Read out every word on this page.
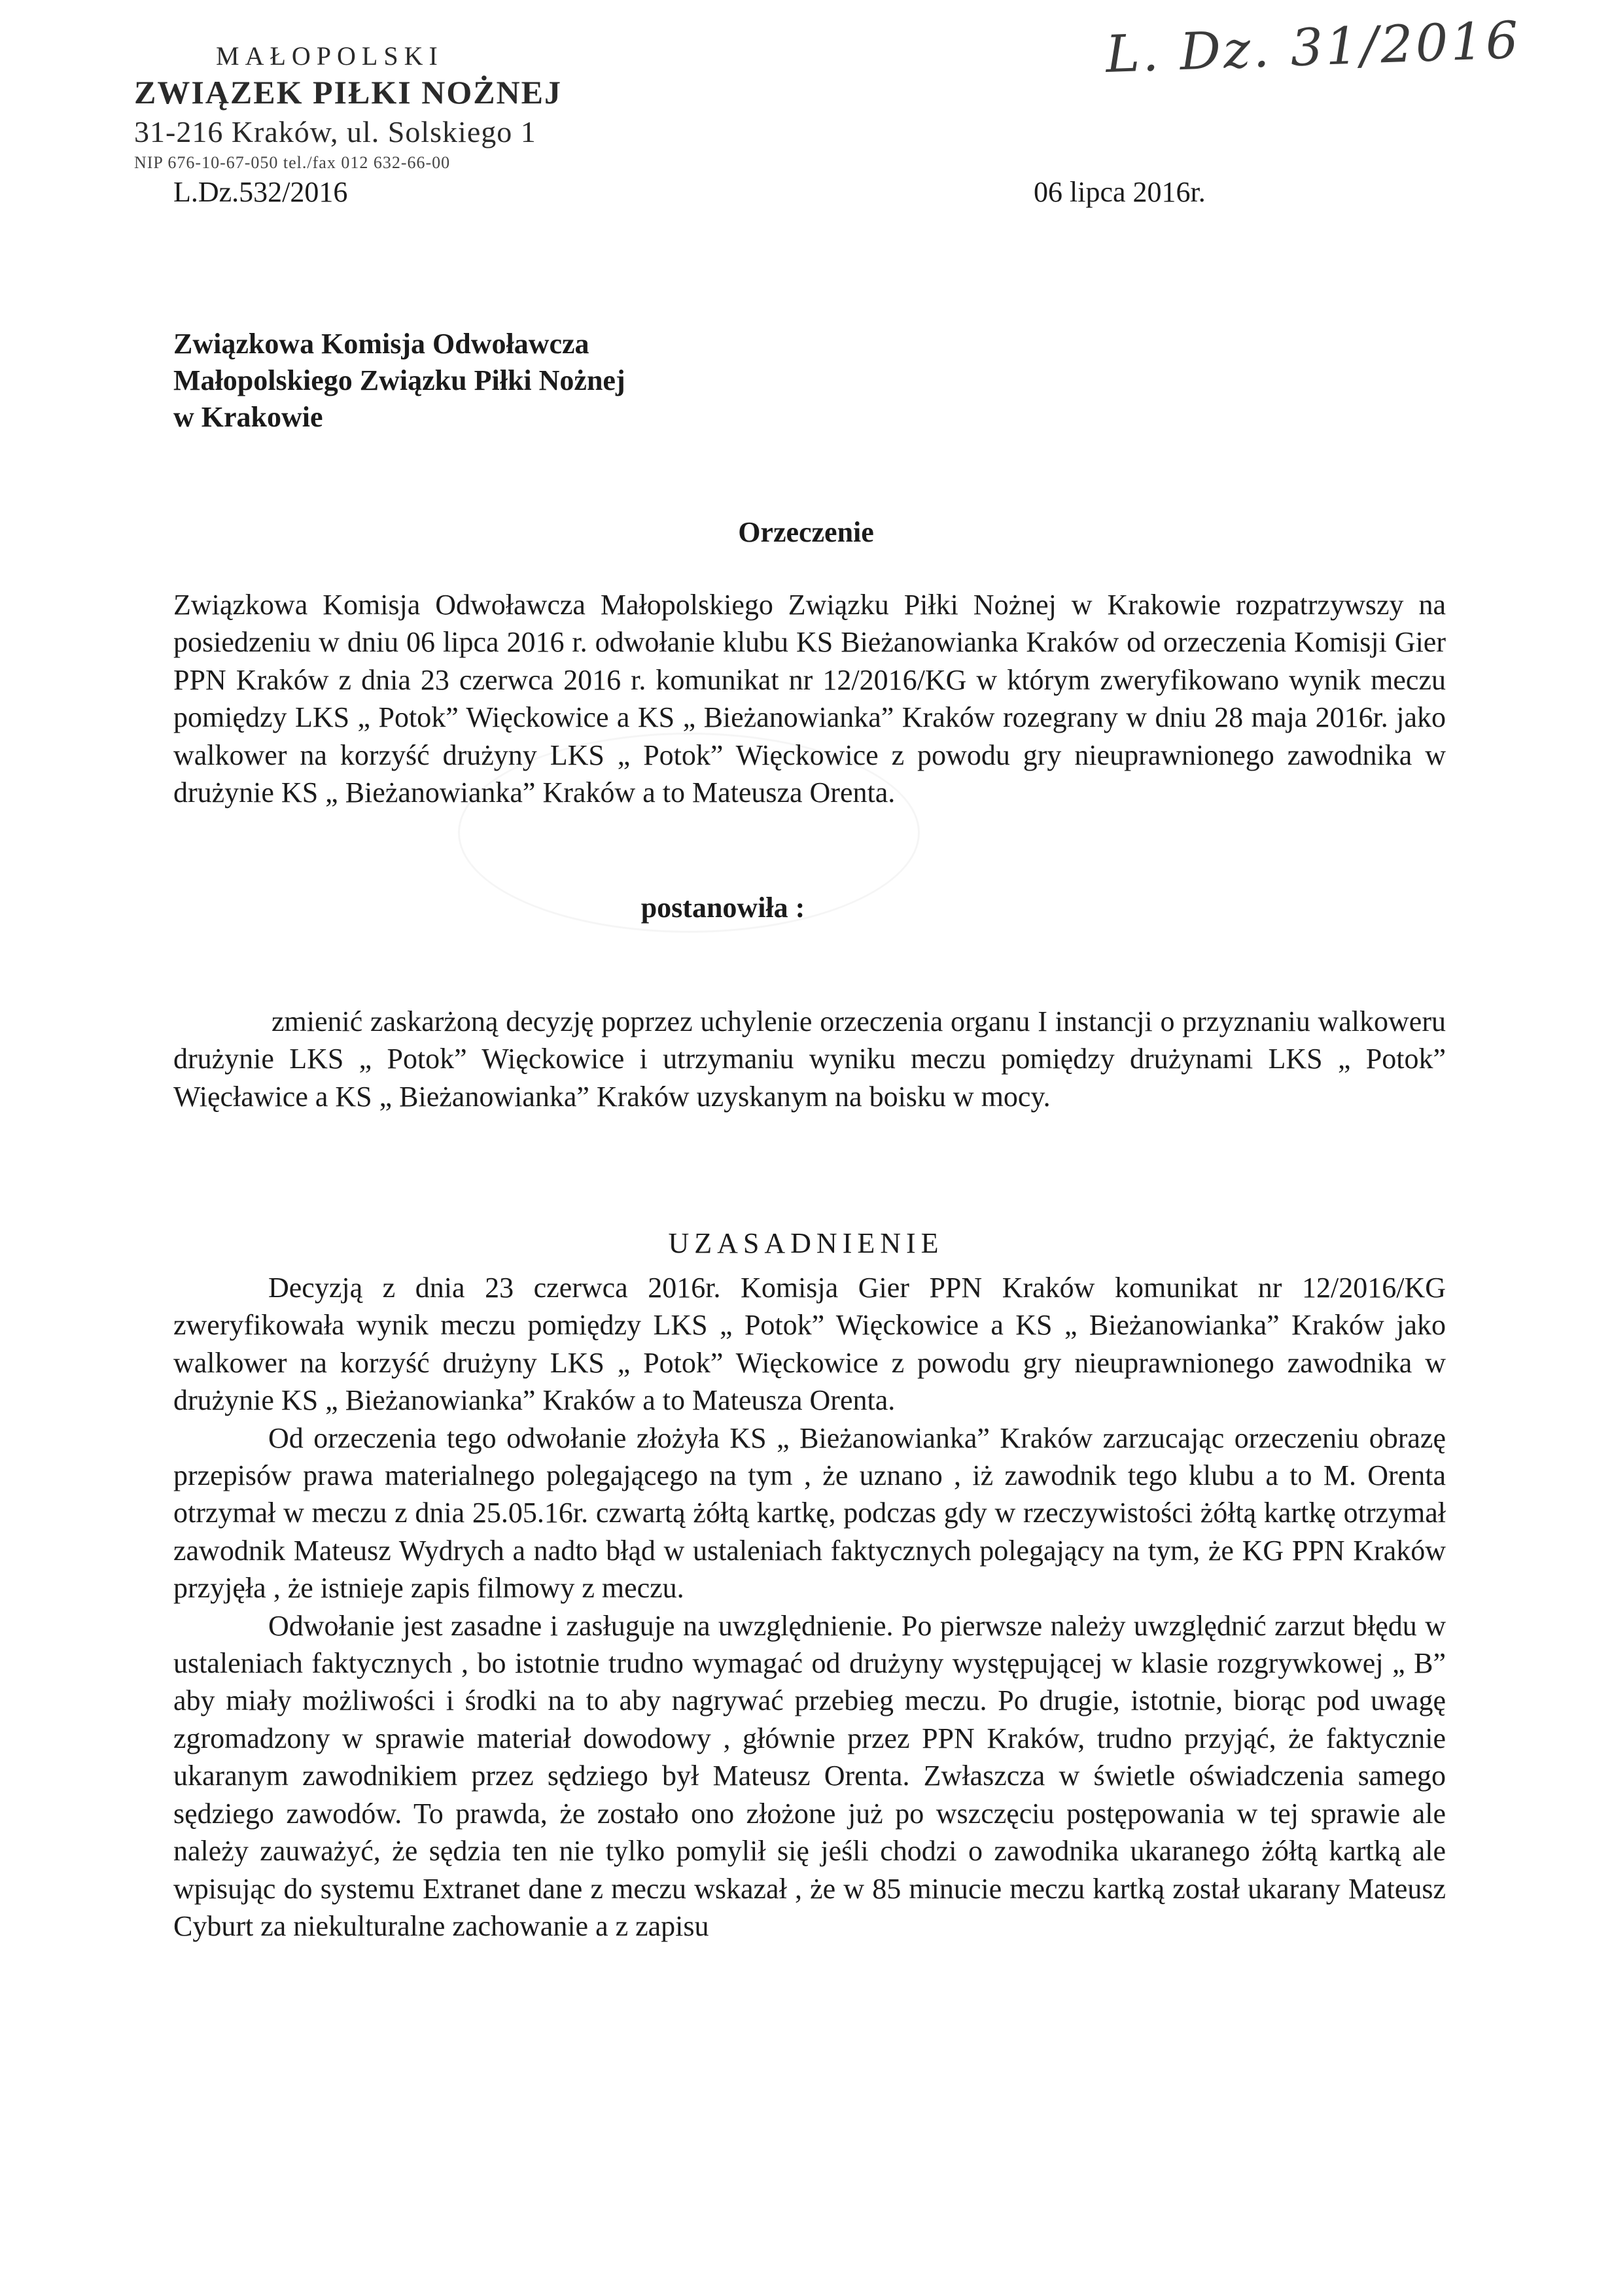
MAŁOPOLSKI
ZWIĄZEK PIŁKI NOŻNEJ
31-216 Kraków, ul. Solskiego 1
NIP 676-10-67-050 tel./fax 012 632-66-00
L. Dz. 31/2016
L.Dz.532/2016	06 lipca 2016r.
Związkowa Komisja Odwoławcza
Małopolskiego Związku Piłki Nożnej
w Krakowie
Orzeczenie

Związkowa Komisja Odwoławcza Małopolskiego Związku Piłki Nożnej w Krakowie rozpatrzywszy na posiedzeniu w dniu 06 lipca 2016 r. odwołanie klubu KS Bieżanowianka Kraków od orzeczenia Komisji Gier PPN Kraków z dnia 23 czerwca 2016 r. komunikat nr 12/2016/KG w którym zweryfikowano wynik meczu pomiędzy LKS „ Potok” Więckowice a KS „ Bieżanowianka” Kraków rozegrany w dniu 28 maja 2016r. jako walkower na korzyść drużyny LKS „ Potok” Więckowice z powodu gry nieuprawnionego zawodnika w drużynie KS „ Bieżanowianka” Kraków a to Mateusza Orenta.

postanowiła :

zmienić zaskarżoną decyzję poprzez uchylenie orzeczenia organu I instancji o przyznaniu walkoweru drużynie LKS „ Potok” Więckowice i utrzymaniu wyniku meczu pomiędzy drużynami LKS „ Potok” Więcławice a KS „ Bieżanowianka” Kraków uzyskanym na boisku w mocy.

UZASADNIENIE

Decyzją z dnia 23 czerwca 2016r. Komisja Gier PPN Kraków komunikat nr 12/2016/KG zweryfikowała wynik meczu pomiędzy LKS „ Potok” Więckowice a KS „ Bieżanowianka” Kraków jako walkower na korzyść drużyny LKS „ Potok” Więckowice z powodu gry nieuprawnionego zawodnika w drużynie KS „ Bieżanowianka” Kraków a to Mateusza Orenta.

Od orzeczenia tego odwołanie złożyła KS „ Bieżanowianka” Kraków zarzucając orzeczeniu obrazę przepisów prawa materialnego polegającego na tym , że uznano , iż zawodnik tego klubu a to M. Orenta otrzymał w meczu z dnia 25.05.16r. czwartą żółtą kartkę, podczas gdy w rzeczywistości żółtą kartkę otrzymał zawodnik Mateusz Wydrych a nadto błąd w ustaleniach faktycznych polegający na tym, że KG PPN Kraków przyjęła , że istnieje zapis filmowy z meczu.

Odwołanie jest zasadne i zasługuje na uwzględnienie. Po pierwsze należy uwzględnić zarzut błędu w ustaleniach faktycznych , bo istotnie trudno wymagać od drużyny występującej w klasie rozgrywkowej „ B” aby miały możliwości i środki na to aby nagrywać przebieg meczu. Po drugie, istotnie, biorąc pod uwagę zgromadzony w sprawie materiał dowodowy , głównie przez PPN Kraków, trudno przyjąć, że faktycznie ukaranym zawodnikiem przez sędziego był Mateusz Orenta. Zwłaszcza w świetle oświadczenia samego sędziego zawodów. To prawda, że zostało ono złożone już po wszczęciu postępowania w tej sprawie ale należy zauważyć, że sędzia ten nie tylko pomylił się jeśli chodzi o zawodnika ukaranego żółtą kartką ale wpisując do systemu Extranet dane z meczu wskazał , że w 85 minucie meczu kartką został ukarany Mateusz Cyburt za niekulturalne zachowanie a z zapisu
